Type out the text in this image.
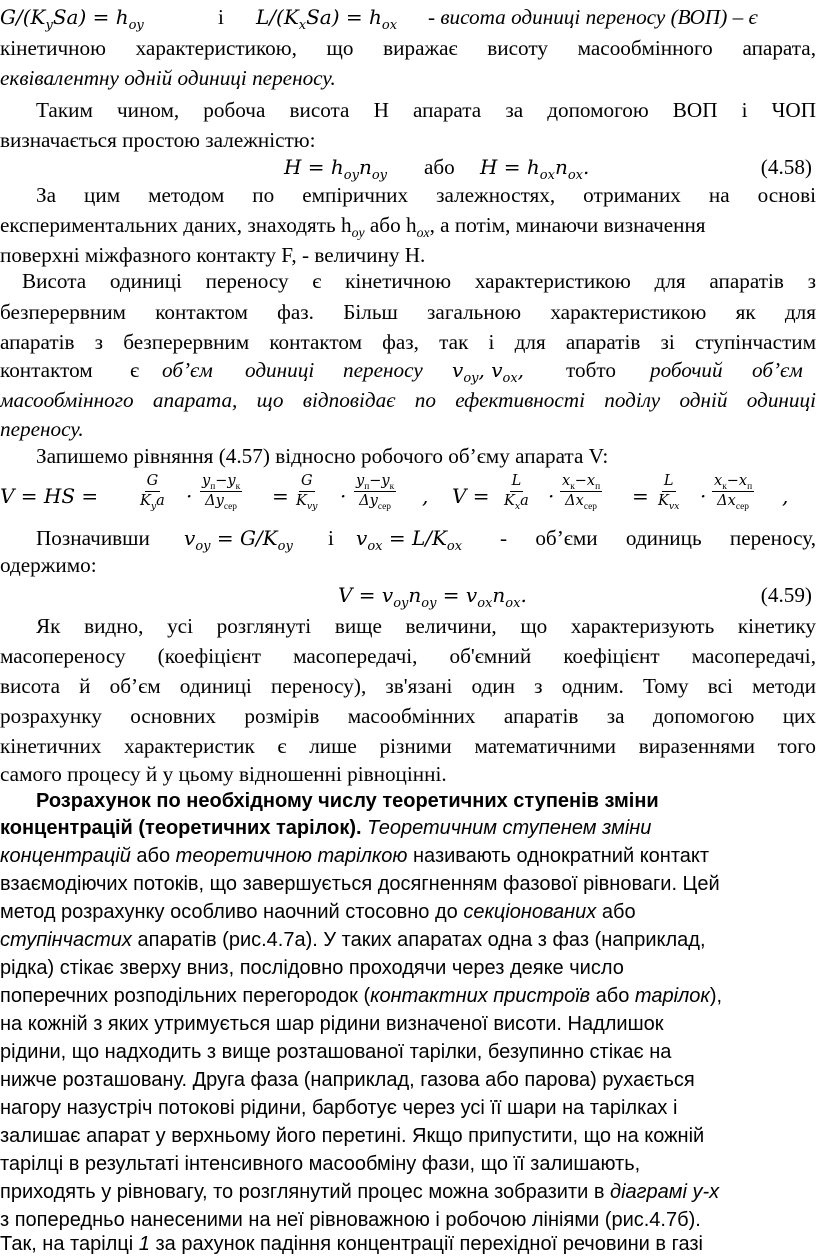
$G/(K_ySa) = h_{oy}$	і $L/(K_xSa) = h_{ox}$ - висота одиниці переносу (ВОП) – є
кінетичною характеристикою, що виражає висоту масообмінного апарата,
еквівалентну одній одиниці переносу.
Таким чином, робоча висота H апарата за допомогою ВОП і ЧОП
визначається простою залежністю:
$H = h_{oy}n_{oy}$ або $H = h_{ox}n_{ox}$.	(4.58)
За цим методом по емпіричних залежностях, отриманих на основі
експериментальних даних, знаходять $h_{oy}$ або $h_{ox}$, а потім, минаючи визначення
поверхні міжфазного контакту F, - величину H.
Висота одиниці переносу є кінетичною характеристикою для апаратів з
безперервним контактом фаз. Більш загальною характеристикою як для
апаратів з безперервним контактом фаз, так і для апаратів зі ступінчастим
контактом є об’єм одиниці переносу $v_{oy}$, $v_{ox}$, тобто робочий об’єм
масообмінного апарата, що відповідає по ефективності поділу одній одиниці
переносу.
Запишемо рівняння (4.57) відносно робочого об’єму апарата V:
V = HS =
G
$K_ya$ ·
$y_п-y_к$
$\Delta y_{сер}$ =
G
$K_{vy}$ ·
$y_п-y_к$
$\Delta y_{сер}$ , V =
L
$K_xa$ ·
$x_к-x_п$
$\Delta x_{сер}$ =
L
$K_{vx}$ ·
$x_к-x_п$
$\Delta x_{сер}$ ,
Позначивши $v_{oy} = G/K_{oy}$ і $v_{ox} = L/K_{ox}$ - об’єми одиниць переносу,
одержимо:
$V = v_{oy}n_{oy} = v_{ox}n_{ox}$.	(4.59)
Як видно, усі розглянуті вище величини, що характеризують кінетику
масопереносу (коефіцієнт масопередачі, об'ємний коефіцієнт масопередачі,
висота й об’єм одиниці переносу), зв'язані один з одним. Тому всі методи
розрахунку основних розмірів масообмінних апаратів за допомогою цих
кінетичних характеристик є лише різними математичними виразеннями того
самого процесу й у цьому відношенні рівноцінні.
Розрахунок по необхідному числу теоретичних ступенів зміни
концентрацій (теоретичних тарілок). Теоретичним ступенем зміни
концентрацій або теоретичною тарілкою називають однократний контакт
взаємодіючих потоків, що завершується досягненням фазової рівноваги. Цей
метод розрахунку особливо наочний стосовно до секціонованих або
ступінчастих апаратів (рис.4.7а). У таких апаратах одна з фаз (наприклад,
рідка) стікає зверху вниз, послідовно проходячи через деяке число
поперечних розподільних перегородок (контактних пристроїв або тарілок),
на кожній з яких утримується шар рідини визначеної висоти. Надлишок
рідини, що надходить з вище розташованої тарілки, безупинно стікає на
нижче розташовану. Друга фаза (наприклад, газова або парова) рухається
нагору назустріч потокові рідини, барботує через усі її шари на тарілках і
залишає апарат у верхньому його перетині. Якщо припустити, що на кожній
тарілці в результаті інтенсивного масообміну фази, що її залишають,
приходять у рівновагу, то розглянутий процес можна зобразити в діаграмі y-x
з попередньо нанесеними на неї рівноважною і робочою лініями (рис.4.7б).
Так, на тарілці 1 за рахунок падіння концентрації перехідної речовини в газі
